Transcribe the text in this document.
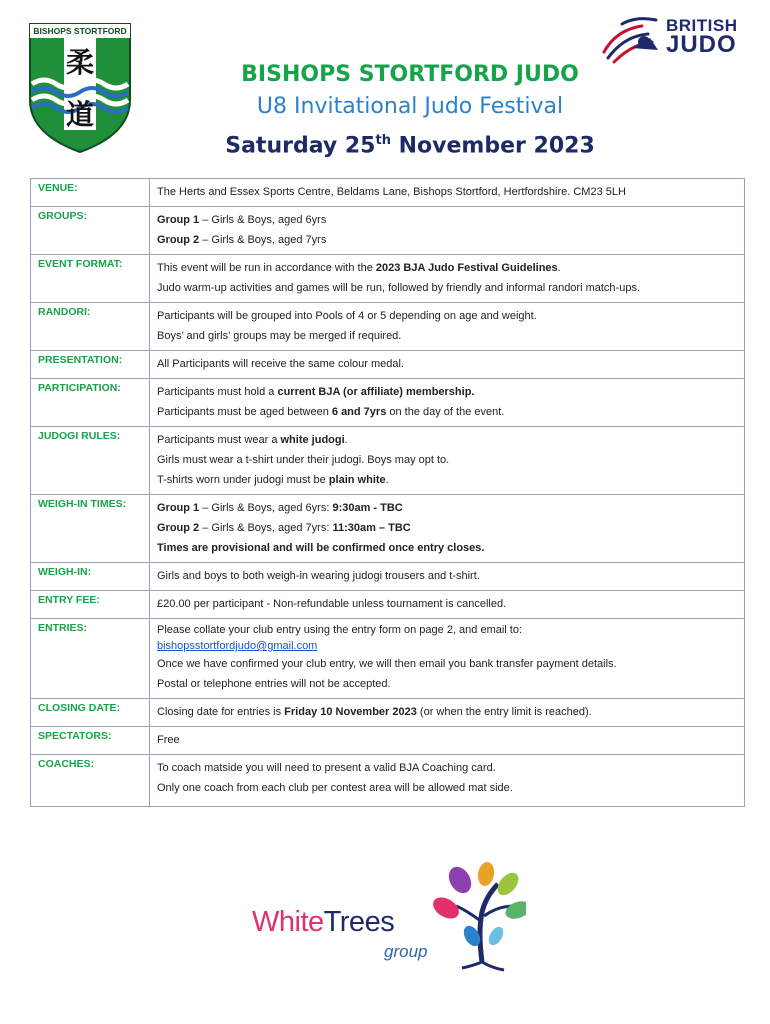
BISHOPS STORTFORD
柔
道
BRITISH
JUDO

BISHOPS STORTFORD JUDO

U8 Invitational Judo Festival

Saturday 25th November 2023

VENUE:	The Herts and Essex Sports Centre, Beldams Lane, Bishops Stortford, Hertfordshire. CM23 5LH

GROUPS:	Group 1 – Girls & Boys, aged 6yrs
Group 2 – Girls & Boys, aged 7yrs

EVENT FORMAT:	This event will be run in accordance with the 2023 BJA Judo Festival Guidelines.
Judo warm-up activities and games will be run, followed by friendly and informal randori match-ups.

RANDORI:	Participants will be grouped into Pools of 4 or 5 depending on age and weight.
Boys’ and girls’ groups may be merged if required.

PRESENTATION:	All Participants will receive the same colour medal.

PARTICIPATION:	Participants must hold a current BJA (or affiliate) membership.
Participants must be aged between 6 and 7yrs on the day of the event.

JUDOGI RULES:	Participants must wear a white judogi.
Girls must wear a t-shirt under their judogi. Boys may opt to.
T-shirts worn under judogi must be plain white.

WEIGH-IN TIMES:	Group 1 – Girls & Boys, aged 6yrs: 9:30am - TBC
Group 2 – Girls & Boys, aged 7yrs: 11:30am – TBC
Times are provisional and will be confirmed once entry closes.

WEIGH-IN:	Girls and boys to both weigh-in wearing judogi trousers and t-shirt.

ENTRY FEE:	£20.00 per participant - Non-refundable unless tournament is cancelled.

ENTRIES:	Please collate your club entry using the entry form on page 2, and email to:
bishopsstortfordjudo@gmail.com
Once we have confirmed your club entry, we will then email you bank transfer payment details.
Postal or telephone entries will not be accepted.

CLOSING DATE:	Closing date for entries is Friday 10 November 2023 (or when the entry limit is reached).

SPECTATORS:	Free

COACHES:	To coach matside you will need to present a valid BJA Coaching card.
Only one coach from each club per contest area will be allowed mat side.
WhiteTrees
group
